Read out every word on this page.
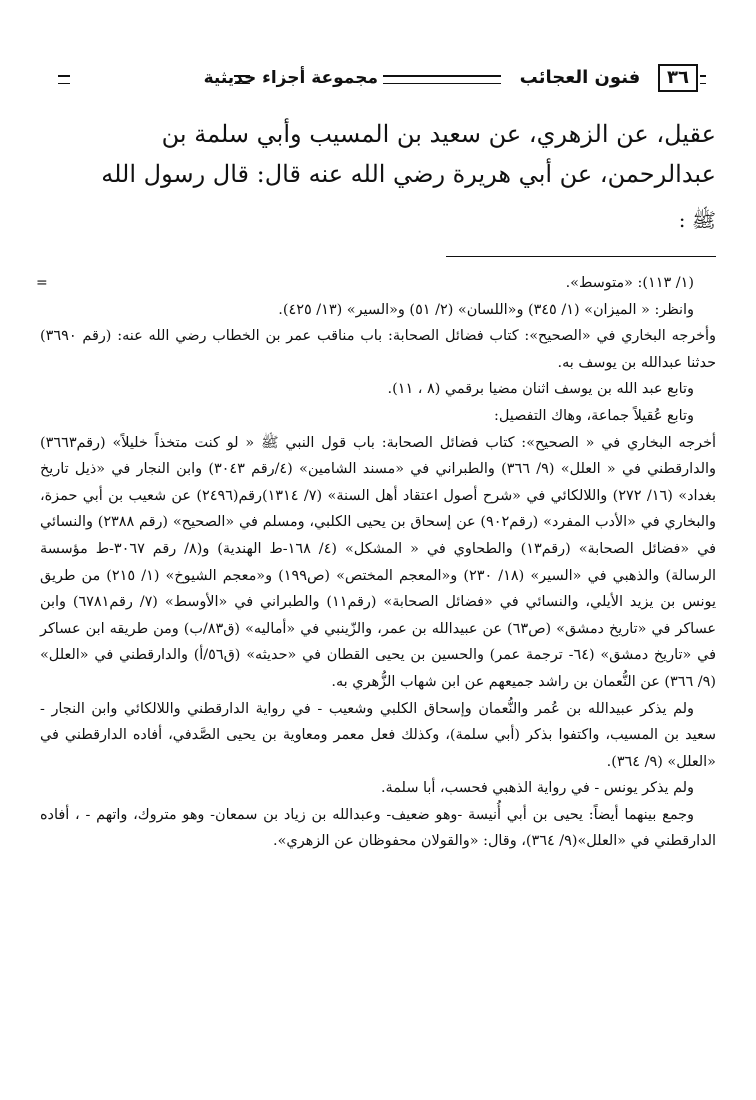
٣٦
فنون العجائب
مجموعة أجزاء حديثية

عقيل، عن الزهري، عن سعيد بن المسيب وأبي سلمة بن

عبدالرحمن، عن أبي هريرة رضي الله عنه قال: قال رسول الله

ﷺ :

=	(١/ ١١٣): «متوسط».

وانظر: « الميزان» (١/ ٣٤٥) و«اللسان» (٢/ ٥١) و«السير» (١٣/ ٤٢٥).

وأخرجه البخاري في «الصحيح»: كتاب فضائل الصحابة: باب مناقب عمر بن الخطاب رضي الله عنه: (رقم ٣٦٩٠) حدثنا عبدالله بن يوسف به.

وتابع عبد الله بن يوسف اثنان مضيا برقمي (٨ ، ١١).

وتابع عُقيلاً جماعة، وهاك التفصيل:

أخرجه البخاري في « الصحيح»: كتاب فضائل الصحابة: باب قول النبي ﷺ « لو كنت متخذاً خليلاً» (رقم٣٦٦٣) والدارقطني في « العلل» (٩/ ٣٦٦) والطبراني في «مسند الشامين» (٤/رقم ٣٠٤٣) وابن النجار في «ذيل تاريخ بغداد» (١٦/ ٢٧٢) واللالكائي في «شرح أصول اعتقاد أهل السنة» (٧/ ١٣١٤)رقم(٢٤٩٦) عن شعيب بن أبي حمزة، والبخاري في «الأدب المفرد» (رقم٩٠٢) عن إسحاق بن يحيى الكلبي، ومسلم في «الصحيح» (رقم ٢٣٨٨) والنسائي في «فضائل الصحابة» (رقم١٣) والطحاوي في « المشكل» (٤/ ١٦٨-ط الهندية) و(٨/ رقم ٣٠٦٧-ط مؤسسة الرسالة) والذهبي في «السير» (١٨/ ٢٣٠) و«المعجم المختص» (ص١٩٩) و«معجم الشيوخ» (١/ ٢١٥) من طريق يونس بن يزيد الأيلي، والنسائي في «فضائل الصحابة» (رقم١١) والطبراني في «الأوسط» (٧/ رقم٦٧٨١) وابن عساكر في «تاريخ دمشق» (ص٦٣) عن عبيدالله بن عمر، والزّينبي في «أماليه» (ق٨٣/ب) ومن طريقه ابن عساكر في «تاريخ دمشق» (٦٤- ترجمة عمر) والحسين بن يحيى القطان في «حديثه» (ق٥٦/أ) والدارقطني في «العلل» (٩/ ٣٦٦) عن النُّعمان بن راشد جميعهم عن ابن شهاب الزُّهري به.

ولم يذكر عبيدالله بن عُمر والنُّعمان وإسحاق الكلبي وشعيب - في رواية الدارقطني واللالكائي وابن النجار - سعيد بن المسيب، واكتفوا بذكر (أبي سلمة)، وكذلك فعل معمر ومعاوية بن يحيى الصَّدفي، أفاده الدارقطني في «العلل» (٩/ ٣٦٤).

ولم يذكر يونس - في رواية الذهبي فحسب، أبا سلمة.

وجمع بينهما أيضاً: يحيى بن أبي أُنيسة -وهو ضعيف- وعبدالله بن زياد بن سمعان- وهو متروك، واتهم - ، أفاده الدارقطني في «العلل»(٩/ ٣٦٤)، وقال: «والقولان محفوظان عن الزهري».
